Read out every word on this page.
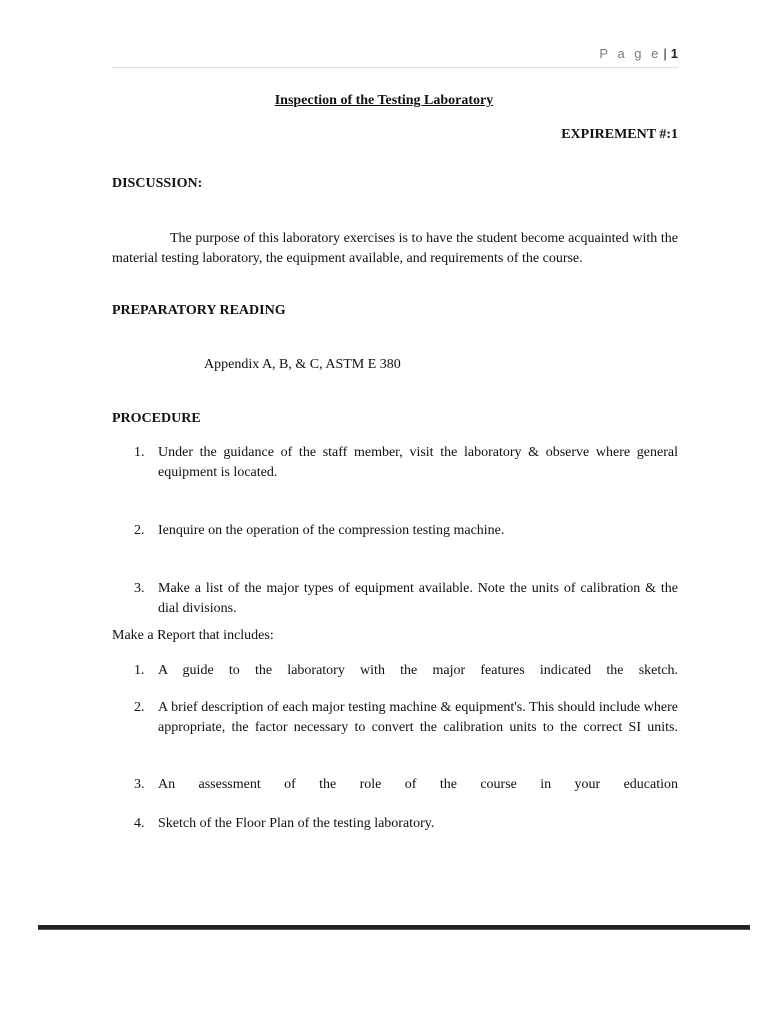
P a g e | 1
Inspection of the Testing Laboratory
EXPIREMENT #:1
DISCUSSION:
The purpose of this laboratory exercises is to have the student become acquainted with the material testing laboratory, the equipment available, and requirements of the course.
PREPARATORY READING
Appendix A, B, & C, ASTM E 380
PROCEDURE
1. Under the guidance of the staff member, visit the laboratory & observe where general equipment is located.
2. Ienquire on the operation of the compression testing machine.
3. Make a list of the major types of equipment available. Note the units of calibration & the dial divisions.
Make a Report that includes:
1. A guide to the laboratory with the major features indicated the sketch.
2. A brief description of each major testing machine & equipment's. This should include where appropriate, the factor necessary to convert the calibration units to the correct SI units.
3. An assessment of the role of the course in your education
4. Sketch of the Floor Plan of the testing laboratory.
